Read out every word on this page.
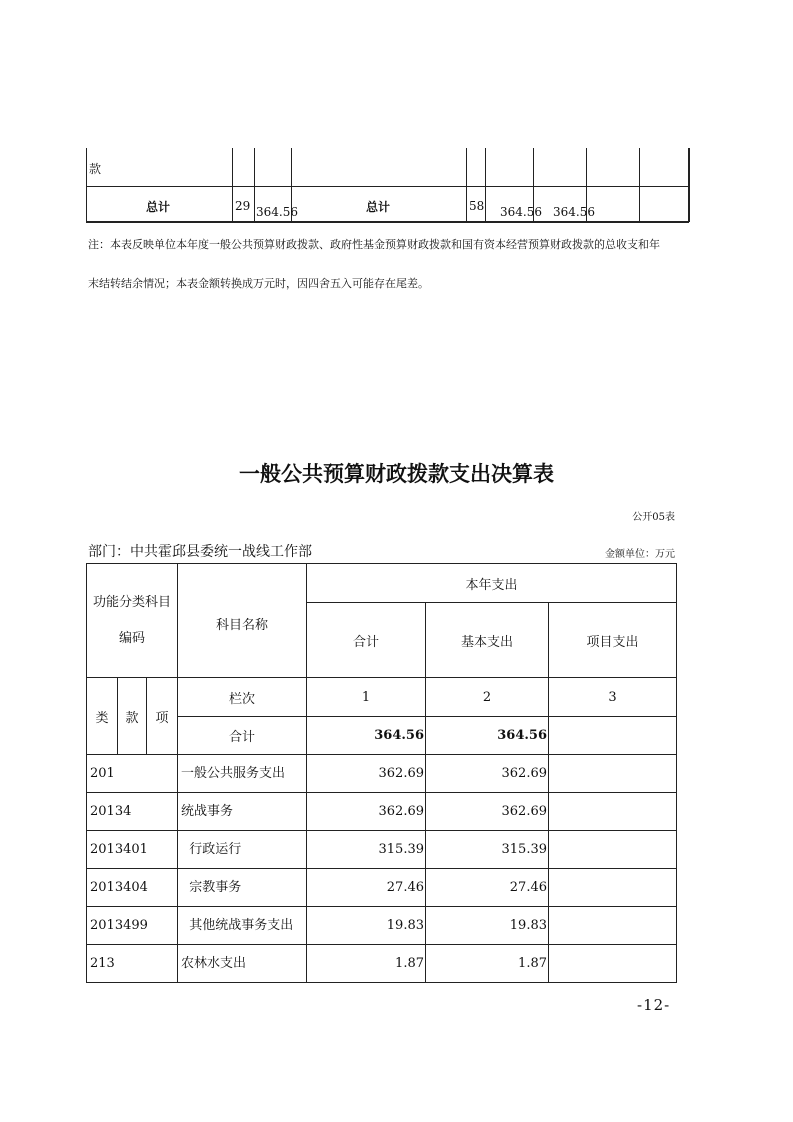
款
总计	29 364.56	总计	58 364.56 364.56
注：本表反映单位本年度一般公共预算财政拨款、政府性基金预算财政拨款和国有资本经营预算财政拨款的总收支和年
末结转结余情况；本表金额转换成万元时，因四舍五入可能存在尾差。
一般公共预算财政拨款支出决算表
公开05表
部门：中共霍邱县委统一战线工作部	金额单位：万元
功能分类科目
编码
科目名称
本年支出
合计	基本支出	项目支出
类	款	项
栏次	1	2	3
合计	364.56	364.56
201	一般公共服务支出	362.69	362.69
20134	统战事务	362.69	362.69
2013401	行政运行	315.39	315.39
2013404	宗教事务	27.46	27.46
2013499	其他统战事务支出	19.83	19.83
213	农林水支出	1.87	1.87
-12-
